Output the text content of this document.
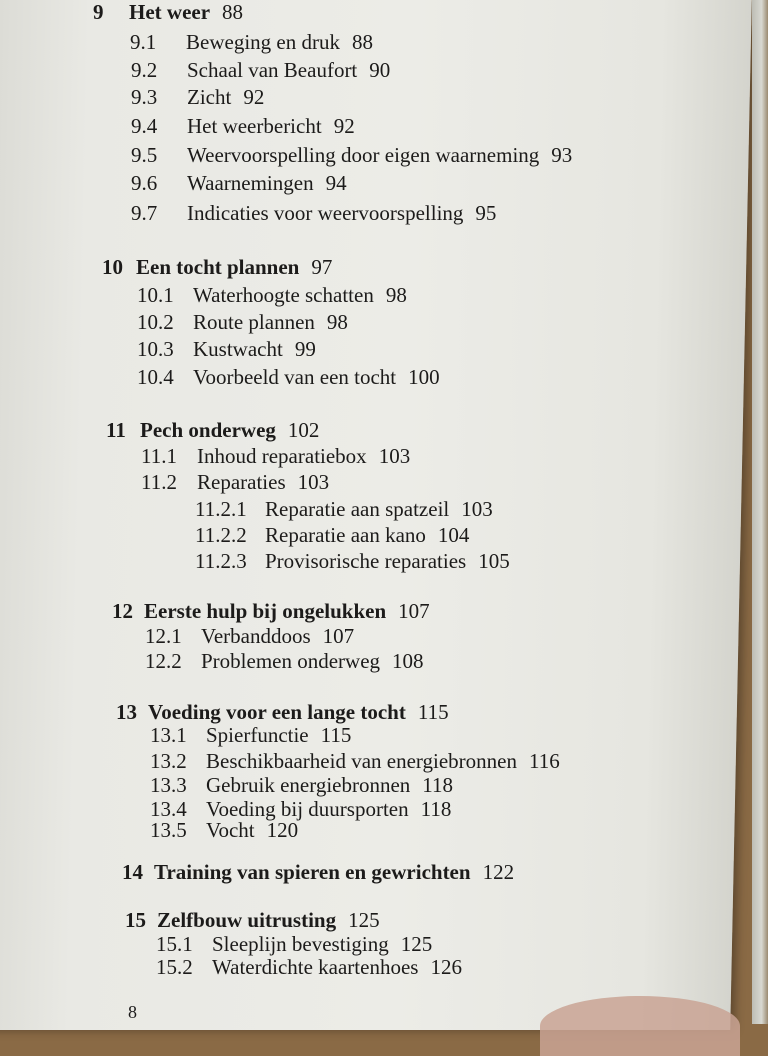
9 Het weer 88
9.1 Beweging en druk 88
9.2 Schaal van Beaufort 90
9.3 Zicht 92
9.4 Het weerbericht 92
9.5 Weervoorspelling door eigen waarneming 93
9.6 Waarnemingen 94
9.7 Indicaties voor weervoorspelling 95
10 Een tocht plannen 97
10.1 Waterhoogte schatten 98
10.2 Route plannen 98
10.3 Kustwacht 99
10.4 Voorbeeld van een tocht 100
11 Pech onderweg 102
11.1 Inhoud reparatiebox 103
11.2 Reparaties 103
11.2.1 Reparatie aan spatzeil 103
11.2.2 Reparatie aan kano 104
11.2.3 Provisorische reparaties 105
12 Eerste hulp bij ongelukken 107
12.1 Verbanddoos 107
12.2 Problemen onderweg 108
13 Voeding voor een lange tocht 115
13.1 Spierfunctie 115
13.2 Beschikbaarheid van energiebronnen 116
13.3 Gebruik energiebronnen 118
13.4 Voeding bij duursporten 118
13.5 Vocht 120
14 Training van spieren en gewrichten 122
15 Zelfbouw uitrusting 125
15.1 Sleeplijn bevestiging 125
15.2 Waterdichte kaartenhoes 126
8
